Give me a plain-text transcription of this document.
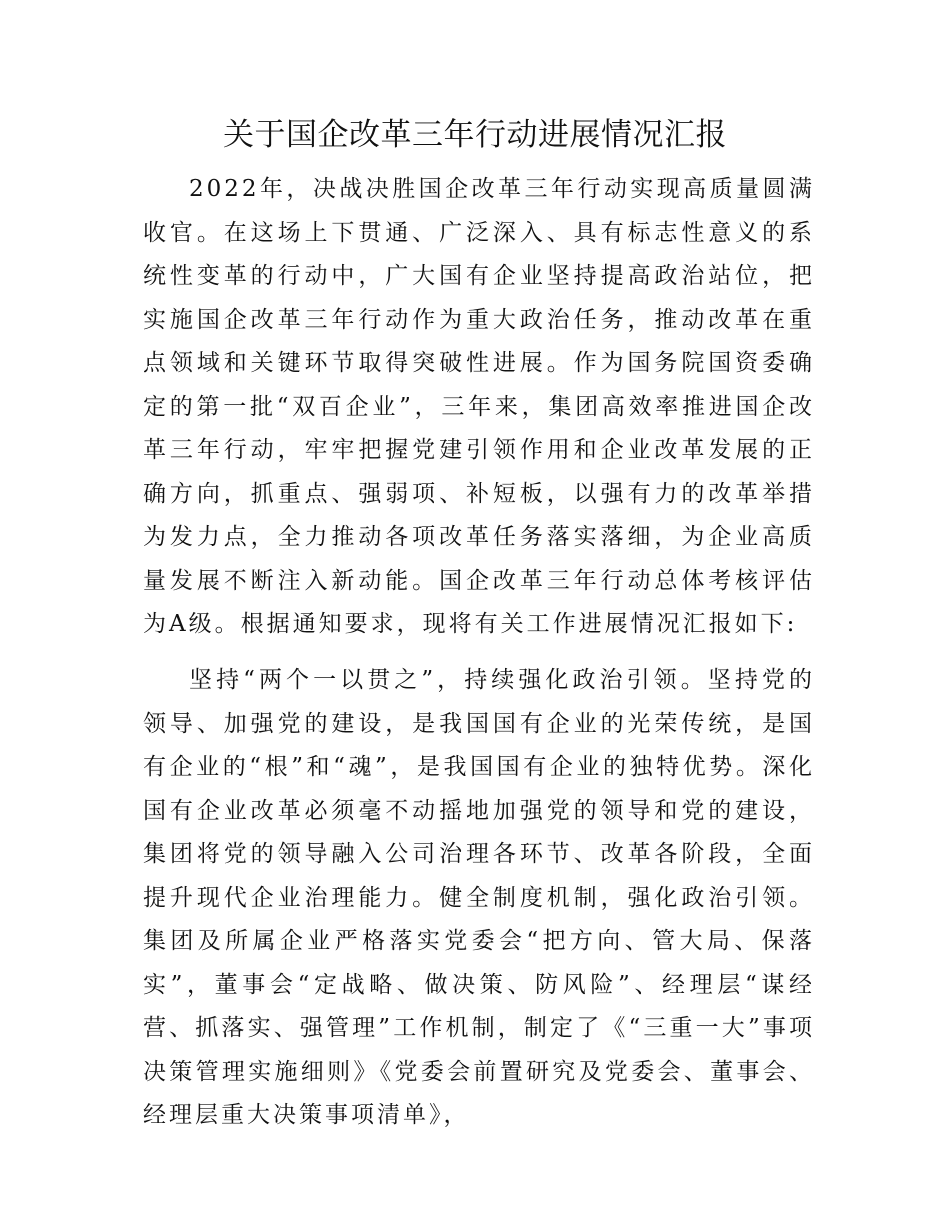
关于国企改革三年行动进展情况汇报

2022年，决战决胜国企改革三年行动实现高质量圆满收官。在这场上下贯通、广泛深入、具有标志性意义的系统性变革的行动中，广大国有企业坚持提高政治站位，把实施国企改革三年行动作为重大政治任务，推动改革在重点领域和关键环节取得突破性进展。作为国务院国资委确定的第一批“双百企业”，三年来，集团高效率推进国企改革三年行动，牢牢把握党建引领作用和企业改革发展的正确方向，抓重点、强弱项、补短板，以强有力的改革举措为发力点，全力推动各项改革任务落实落细，为企业高质量发展不断注入新动能。国企改革三年行动总体考核评估为A级。根据通知要求，现将有关工作进展情况汇报如下:

坚持“两个一以贯之”，持续强化政治引领。坚持党的领导、加强党的建设，是我国国有企业的光荣传统，是国有企业的“根”和“魂”，是我国国有企业的独特优势。深化国有企业改革必须毫不动摇地加强党的领导和党的建设，集团将党的领导融入公司治理各环节、改革各阶段，全面提升现代企业治理能力。健全制度机制，强化政治引领。集团及所属企业严格落实党委会“把方向、管大局、保落实”，董事会“定战略、做决策、防风险”、经理层“谋经营、抓落实、强管理”工作机制，制定了《“三重一大”事项决策管理实施细则》《党委会前置研究及党委会、董事会、经理层重大决策事项清单》，
